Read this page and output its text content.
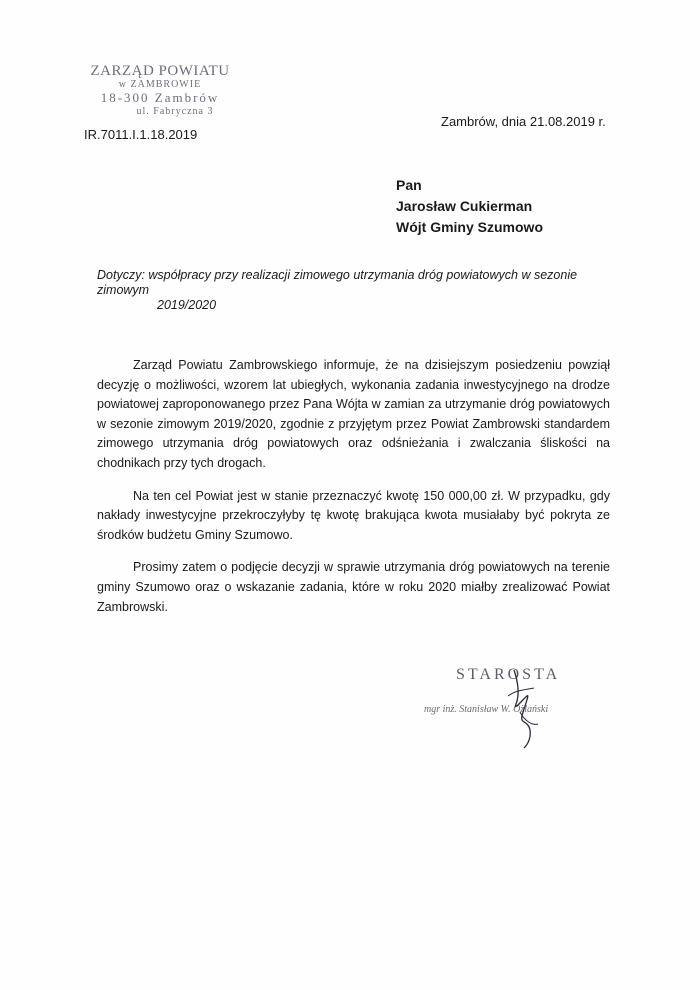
ZARZĄD POWIATU
w ZAMBROWIE
18-300 Zambrów
ul. Fabryczna 3
IR.7011.I.1.18.2019
Zambrów, dnia 21.08.2019 r.
Pan
Jarosław Cukierman
Wójt Gminy Szumowo
Dotyczy: współpracy przy realizacji zimowego utrzymania dróg powiatowych w sezonie zimowym
2019/2020

Zarząd Powiatu Zambrowskiego informuje, że na dzisiejszym posiedzeniu powziął decyzję o możliwości, wzorem lat ubiegłych, wykonania zadania inwestycyjnego na drodze powiatowej zaproponowanego przez Pana Wójta w zamian za utrzymanie dróg powiatowych w sezonie zimowym 2019/2020, zgodnie z przyjętym przez Powiat Zambrowski standardem zimowego utrzymania dróg powiatowych oraz odśnieżania i zwalczania śliskości na chodnikach przy tych drogach.

Na ten cel Powiat jest w stanie przeznaczyć kwotę 150 000,00 zł. W przypadku, gdy nakłady inwestycyjne przekroczyłyby tę kwotę brakująca kwota musiałaby być pokryta ze środków budżetu Gminy Szumowo.

Prosimy zatem o podjęcie decyzji w sprawie utrzymania dróg powiatowych na terenie gminy Szumowo oraz o wskazanie zadania, które w roku 2020 miałby zrealizować Powiat Zambrowski.

STAROSTA
mgr inż. Stanisław W. Ożlański
